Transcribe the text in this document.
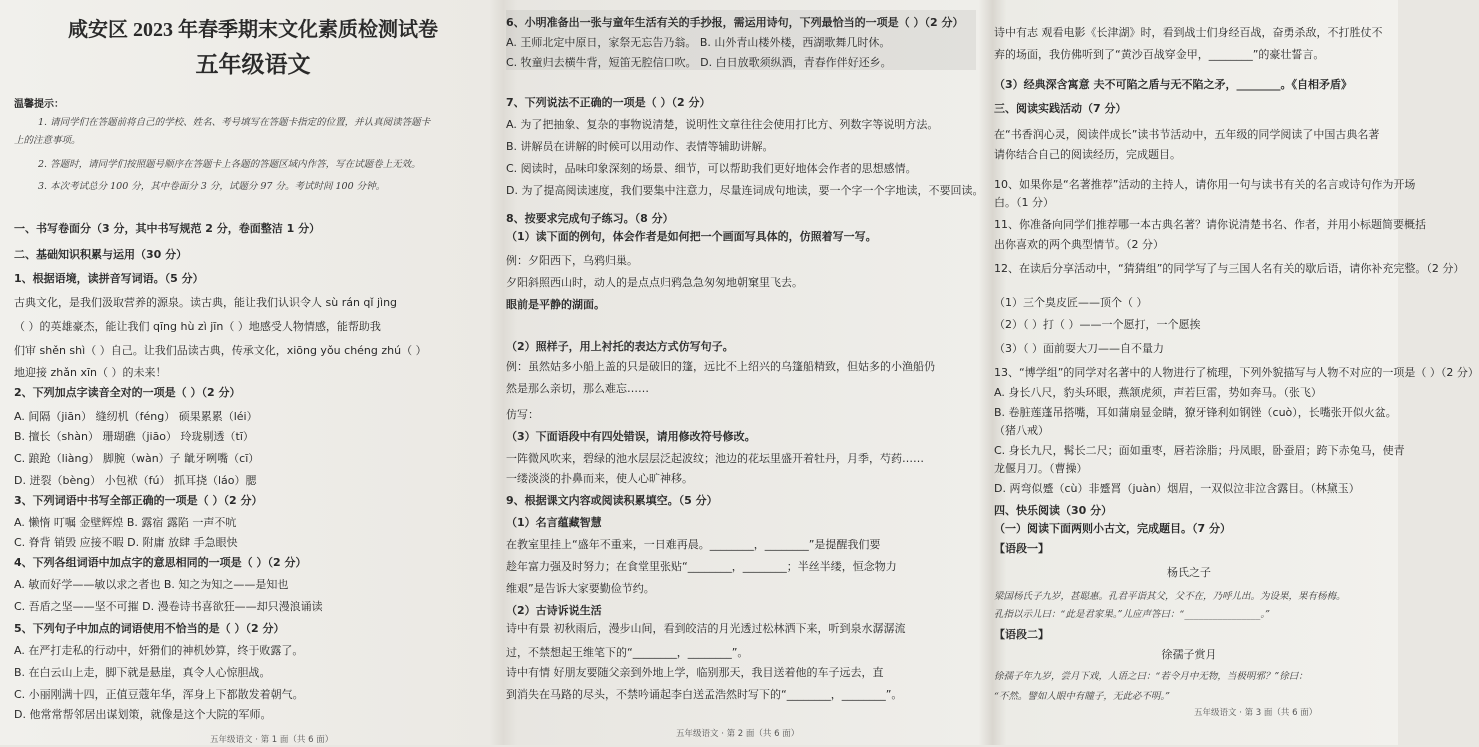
咸安区 2023 年春季期末文化素质检测试卷
五年级语文
温馨提示：
1. 请同学们在答题前将自己的学校、姓名、考号填写在答题卡指定的位置，并认真阅读答题卡
上的注意事项。
2. 答题时，请同学们按照题号顺序在答题卡上各题的答题区域内作答，写在试题卷上无效。
3. 本次考试总分 100 分，其中卷面分 3 分，试题分 97 分。考试时间 100 分钟。
一、书写卷面分（3 分，其中书写规范 2 分，卷面整洁 1 分）
二、基础知识积累与运用（30 分）
1、根据语境，读拼音写词语。（5 分）
古典文化，是我们汲取营养的源泉。读古典，能让我们认识令人 sù rán qǐ jìng
（ ）的英雄豪杰，能让我们 qīng hù zì jīn（ ）地感受人物情感，能帮助我
们审 shěn shì（ ）自己。让我们品读古典，传承文化，xiōng yǒu chéng zhú（ ）
地迎接 zhǎn xīn（ ）的未来！
2、下列加点字读音全对的一项是（ ）（2 分）
A. 间隔（jiān） 缝纫机（féng） 硕果累累（léi）
B. 擅长（shàn） 珊瑚礁（jiāo） 玲珑剔透（tī）
C. 踉跄（liàng） 脚腕（wàn）子 龇牙咧嘴（cī）
D. 迸裂（bèng） 小包袱（fú） 抓耳挠（láo）腮
3、下列词语中书写全部正确的一项是（ ）（2 分）
A. 懒惰 叮嘱 金壁辉煌 B. 露宿 露陷 一声不吭
C. 脊背 销毁 应接不暇 D. 附庸 放肆 手急眼快
4、下列各组词语中加点字的意思相同的一项是（ ）（2 分）
A. 敏而好学——敏以求之者也 B. 知之为知之——是知也
C. 吾盾之坚——坚不可摧 D. 漫卷诗书喜欲狂——却只漫浪诵读
5、下列句子中加点的词语使用不恰当的是（ ）（2 分）
A. 在严打走私的行动中，奸猾们的神机妙算，终于败露了。
B. 在白云山上走，脚下就是悬崖，真令人心惊胆战。
C. 小丽刚满十四，正值豆蔻年华，浑身上下都散发着朝气。
D. 他常常帮邻居出谋划策，就像是这个大院的军师。
五年级语文 · 第 1 面（共 6 面）
6、小明准备出一张与童年生活有关的手抄报，需运用诗句，下列最恰当的一项是（ ）（2 分）
A. 王师北定中原日，家祭无忘告乃翁。 B. 山外青山楼外楼，西湖歌舞几时休。
C. 牧童归去横牛背，短笛无腔信口吹。 D. 白日放歌须纵酒，青春作伴好还乡。
7、下列说法不正确的一项是（ ）（2 分）
A. 为了把抽象、复杂的事物说清楚，说明性文章往往会使用打比方、列数字等说明方法。
B. 讲解员在讲解的时候可以用动作、表情等辅助讲解。
C. 阅读时，品味印象深刻的场景、细节，可以帮助我们更好地体会作者的思想感情。
D. 为了提高阅读速度，我们要集中注意力，尽量连词成句地读，要一个字一个字地读，不要回读。
8、按要求完成句子练习。（8 分）
（1）读下面的例句，体会作者是如何把一个画面写具体的，仿照着写一写。
例：夕阳西下，乌鸦归巢。
夕阳斜照西山时，动人的是点点归鸦急急匆匆地朝窠里飞去。
眼前是平静的湖面。
（2）照样子，用上衬托的表达方式仿写句子。
例：虽然姑多小船上盖的只是破旧的篷，远比不上绍兴的乌篷船精致，但姑多的小渔船仍
然是那么亲切，那么难忘……
仿写：
（3）下面语段中有四处错误，请用修改符号修改。
一阵微风吹来，碧绿的池水层层泛起波纹；池边的花坛里盛开着牡丹，月季，芍药……
一缕淡淡的扑鼻而来，使人心旷神移。
9、根据课文内容或阅读积累填空。（5 分）
（1）名言蕴藏智慧
在教室里挂上“盛年不重来，一日难再晨。________，________”是提醒我们要
趁年富力强及时努力；在食堂里张贴“________，________；半丝半缕，恒念物力
维艰”是告诉大家要勤俭节约。
（2）古诗诉说生活
诗中有景 初秋雨后，漫步山间，看到皎洁的月光透过松林洒下来，听到泉水潺潺流
过，不禁想起王维笔下的“________，________”。
诗中有情 好朋友要随父亲到外地上学，临别那天，我目送着他的车子远去，直
到消失在马路的尽头，不禁吟诵起李白送孟浩然时写下的“________，________”。
五年级语文 · 第 2 面（共 6 面）
诗中有志 观看电影《长津湖》时，看到战士们身经百战，奋勇杀敌，不打胜仗不
弃的场面，我仿佛听到了“黄沙百战穿金甲，________”的豪壮誓言。
（3）经典深含寓意 夫不可陷之盾与无不陷之矛，________。《自相矛盾》
三、阅读实践活动（7 分）
在“书香润心灵，阅读伴成长”读书节活动中，五年级的同学阅读了中国古典名著
请你结合自己的阅读经历，完成题目。
10、如果你是“名著推荐”活动的主持人，请你用一句与读书有关的名言或诗句作为开场
白。（1 分）
11、你准备向同学们推荐哪一本古典名著？请你说清楚书名、作者，并用小标题简要概括
出你喜欢的两个典型情节。（2 分）
12、在读后分享活动中，“猜猜组”的同学写了与三国人名有关的歇后语，请你补充完整。（2 分）
（1）三个臭皮匠——顶个（ ）
（2）（ ）打（ ）——一个愿打，一个愿挨
（3）（ ）面前耍大刀——自不量力
13、“博学组”的同学对名著中的人物进行了梳理，下列外貌描写与人物不对应的一项是（ ）（2 分）
A. 身长八尺，豹头环眼，燕颔虎须，声若巨雷，势如奔马。（张飞）
B. 卷脏莲蓬吊搭嘴，耳如蒲扇显金睛，獠牙锋利如钢锉（cuò），长嘴张开似火盆。
（猪八戒）
C. 身长九尺，髯长二尺；面如重枣，唇若涂脂；丹凤眼，卧蚕眉；跨下赤兔马，使青
龙偃月刀。（曹操）
D. 两弯似蹙（cù）非蹙罥（juàn）烟眉，一双似泣非泣含露目。（林黛玉）
四、快乐阅读（30 分）
（一）阅读下面两则小古文，完成题目。（7 分）
【语段一】
杨氏之子
梁国杨氏子九岁，甚聪惠。孔君平诣其父，父不在，乃呼儿出。为设果，果有杨梅。
孔指以示儿曰：“此是君家果。”儿应声答曰：“________________。”
【语段二】
徐孺子赏月
徐孺子年九岁，尝月下戏，人语之曰：“若令月中无物，当极明邪？”徐曰：
“不然。譬如人眼中有瞳子，无此必不明。”
五年级语文 · 第 3 面（共 6 面）
